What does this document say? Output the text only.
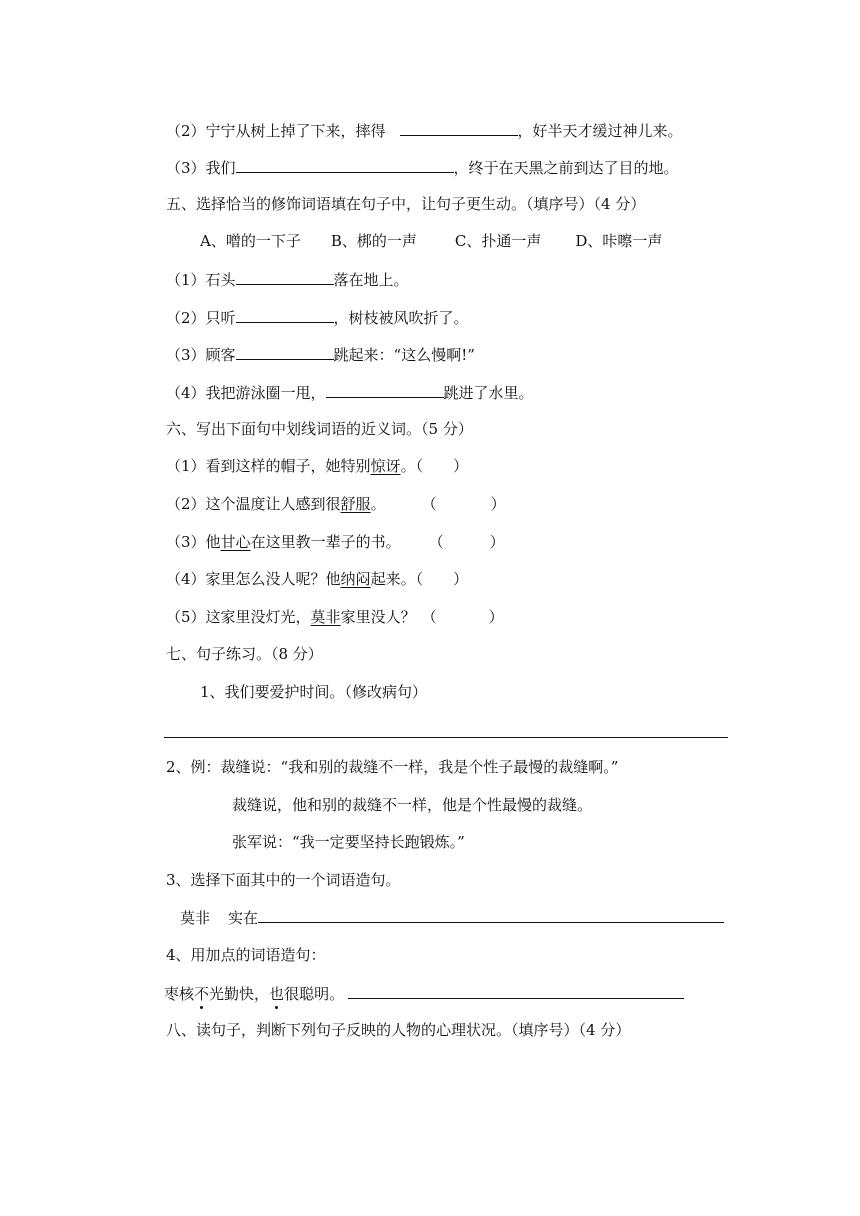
（2）宁宁从树上掉了下来，摔得	，好半天才缓过神儿来。
（3）我们	，终于在天黑之前到达了目的地。
五、选择恰当的修饰词语填在句子中，让句子更生动。（填序号）（4 分）
A、噌的一下子 B、梆的一声	C、扑通一声 D、咔嚓一声
（1）石头	落在地上。
（2）只听	，树枝被风吹折了。
（3）顾客	跳起来：“这么慢啊!”
（4）我把游泳圈一甩，	跳进了水里。
六、写出下面句中划线词语的近义词。（5 分）
（1）看到这样的帽子，她特别惊讶。（ ）
（2）这个温度让人感到很舒服。 （	）
（3）他甘心在这里教一辈子的书。 （	）
（4）家里怎么没人呢？他纳闷起来。（ ）
（5）这家里没灯光，莫非家里没人？ （	）
七、句子练习。（8 分）
1、我们要爱护时间。（修改病句）
2、例：裁缝说：“我和别的裁缝不一样，我是个性子最慢的裁缝啊。”
裁缝说，他和别的裁缝不一样，他是个性最慢的裁缝。
张军说：“我一定要坚持长跑锻炼。”
3、选择下面其中的一个词语造句。
莫非 实在
4、用加点的词语造句：
枣核不光勤快，也很聪明。
八、读句子，判断下列句子反映的人物的心理状况。（填序号）（4 分）
